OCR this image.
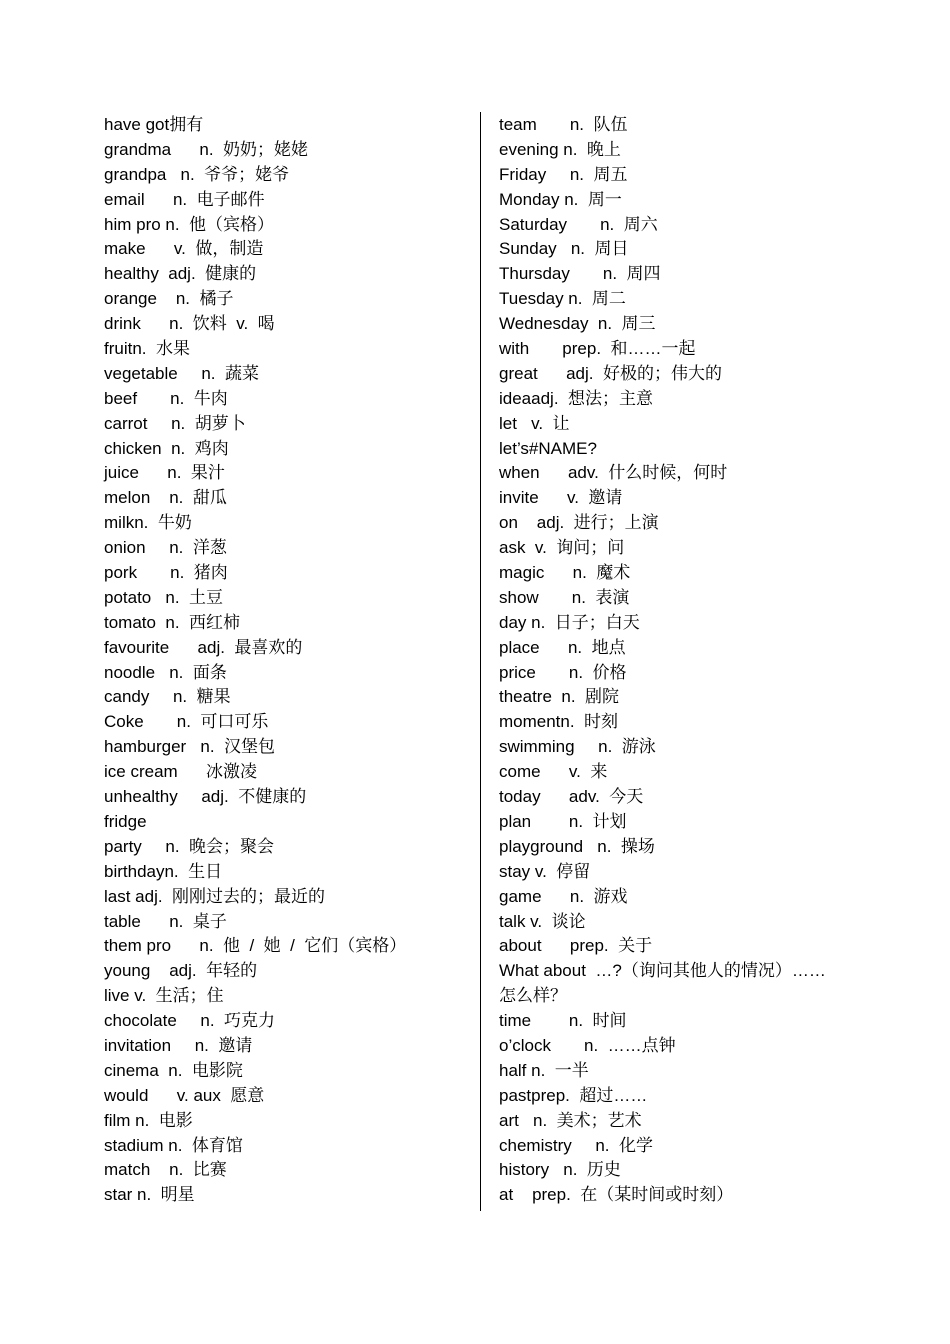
have got拥有
grandma      n.  奶奶；姥姥
grandpa   n.  爷爷；姥爷
email      n.  电子邮件
him pro n.  他（宾格）
make      v.  做，制造
healthy  adj.  健康的
orange    n.  橘子
drink      n.  饮料  v.  喝
fruitn.  水果
vegetable     n.  蔬菜
beef       n.  牛肉
carrot     n.  胡萝卜
chicken  n.  鸡肉
juice      n.  果汁
melon    n.  甜瓜
milkn.  牛奶
onion     n.  洋葱
pork       n.  猪肉
potato   n.  土豆
tomato  n.  西红柿
favourite      adj.  最喜欢的
noodle   n.  面条
candy     n.  糖果
Coke       n.  可口可乐
hamburger   n.  汉堡包
ice cream      冰激凌
unhealthy     adj.  不健康的
fridge
party     n.  晚会；聚会
birthdayn.  生日
last adj.  刚刚过去的；最近的
table      n.  桌子
them pro      n.  他  /  她  /  它们（宾格）
young    adj.  年轻的
live v.  生活；住
chocolate     n.  巧克力
invitation     n.  邀请
cinema  n.  电影院
would      v. aux  愿意
film n.  电影
stadium n.  体育馆
match    n.  比赛
star n.  明星
team       n.  队伍
evening n.  晚上
Friday     n.  周五
Monday n.  周一
Saturday       n.  周六
Sunday   n.  周日
Thursday       n.  周四
Tuesday n.  周二
Wednesday  n.  周三
with       prep.  和……一起
great      adj.  好极的；伟大的
ideaadj.  想法；主意
let   v.  让
let’s#NAME?
when      adv.  什么时候，何时
invite      v.  邀请
on    adj.  进行；上演
ask  v.  询问；问
magic      n.  魔术
show       n.  表演
day n.  日子；白天
place      n.  地点
price       n.  价格
theatre  n.  剧院
momentn.  时刻
swimming     n.  游泳
come      v.  来
today      adv.  今天
plan        n.  计划
playground   n.  操场
stay v.  停留
game      n.  游戏
talk v.  谈论
about      prep.  关于
What about  …?（询问其他人的情况）……
怎么样？
time        n.  时间
o’clock       n.  ……点钟
half n.  一半
pastprep.  超过……
art   n.  美术；艺术
chemistry     n.  化学
history   n.  历史
at    prep.  在（某时间或时刻）
